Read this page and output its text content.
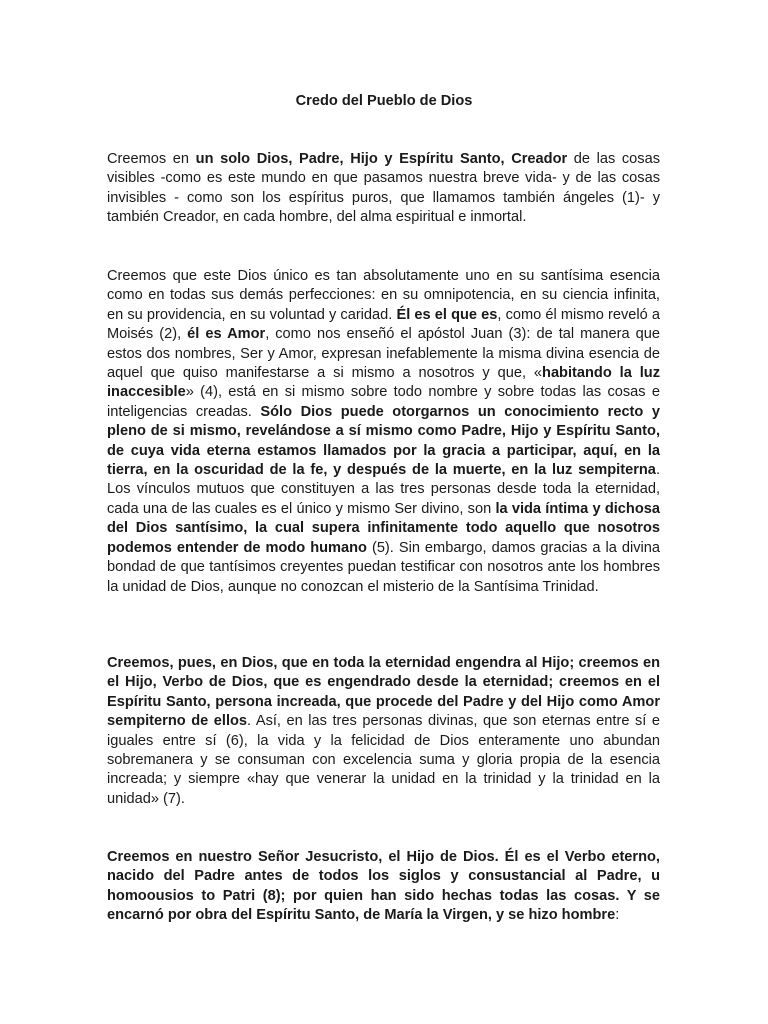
Credo del Pueblo de Dios

Creemos en un solo Dios, Padre, Hijo y Espíritu Santo, Creador de las cosas visibles -como es este mundo en que pasamos nuestra breve vida- y de las cosas invisibles - como son los espíritus puros, que llamamos también ángeles (1)- y también Creador, en cada hombre, del alma espiritual e inmortal.

Creemos que este Dios único es tan absolutamente uno en su santísima esencia como en todas sus demás perfecciones: en su omnipotencia, en su ciencia infinita, en su providencia, en su voluntad y caridad. Él es el que es, como él mismo reveló a Moisés (2), él es Amor, como nos enseñó el apóstol Juan (3): de tal manera que estos dos nombres, Ser y Amor, expresan inefablemente la misma divina esencia de aquel que quiso manifestarse a si mismo a nosotros y que, «habitando la luz inaccesible» (4), está en si mismo sobre todo nombre y sobre todas las cosas e inteligencias creadas. Sólo Dios puede otorgarnos un conocimiento recto y pleno de si mismo, revelándose a sí mismo como Padre, Hijo y Espíritu Santo, de cuya vida eterna estamos llamados por la gracia a participar, aquí, en la tierra, en la oscuridad de la fe, y después de la muerte, en la luz sempiterna. Los vínculos mutuos que constituyen a las tres personas desde toda la eternidad, cada una de las cuales es el único y mismo Ser divino, son la vida íntima y dichosa del Dios santísimo, la cual supera infinitamente todo aquello que nosotros podemos entender de modo humano (5). Sin embargo, damos gracias a la divina bondad de que tantísimos creyentes puedan testificar con nosotros ante los hombres la unidad de Dios, aunque no conozcan el misterio de la Santísima Trinidad.

Creemos, pues, en Dios, que en toda la eternidad engendra al Hijo; creemos en el Hijo, Verbo de Dios, que es engendrado desde la eternidad; creemos en el Espíritu Santo, persona increada, que procede del Padre y del Hijo como Amor sempiterno de ellos. Así, en las tres personas divinas, que son eternas entre sí e iguales entre sí (6), la vida y la felicidad de Dios enteramente uno abundan sobremanera y se consuman con excelencia suma y gloria propia de la esencia increada; y siempre «hay que venerar la unidad en la trinidad y la trinidad en la unidad» (7).

Creemos en nuestro Señor Jesucristo, el Hijo de Dios. Él es el Verbo eterno, nacido del Padre antes de todos los siglos y consustancial al Padre, u homoousios to Patri (8); por quien han sido hechas todas las cosas. Y se encarnó por obra del Espíritu Santo, de María la Virgen, y se hizo hombre:
